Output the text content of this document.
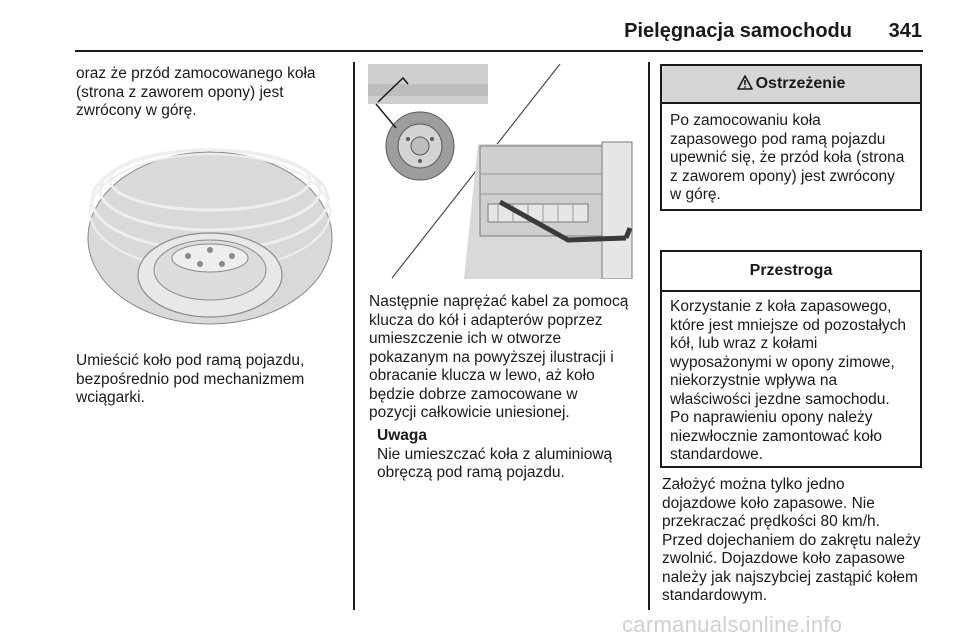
Pielęgnacja samochodu	341
oraz że przód zamocowanego koła
(strona z zaworem opony) jest
zwrócony w górę.
Umieścić koło pod ramą pojazdu,
bezpośrednio pod mechanizmem
wciągarki.
Następnie naprężać kabel za pomocą
klucza do kół i adapterów poprzez
umieszczenie ich w otworze
pokazanym na powyższej ilustracji i
obracanie klucza w lewo, aż koło
będzie dobrze zamocowane w
pozycji całkowicie uniesionej.
Uwaga
Nie umieszczać koła z aluminiową
obręczą pod ramą pojazdu.
Ostrzeżenie
Po zamocowaniu koła
zapasowego pod ramą pojazdu
upewnić się, że przód koła (strona
z zaworem opony) jest zwrócony
w górę.
Przestroga
Korzystanie z koła zapasowego,
które jest mniejsze od pozostałych
kół, lub wraz z kołami
wyposażonymi w opony zimowe,
niekorzystnie wpływa na
właściwości jezdne samochodu.
Po naprawieniu opony należy
niezwłocznie zamontować koło
standardowe.
Założyć można tylko jedno
dojazdowe koło zapasowe. Nie
przekraczać prędkości 80 km/h.
Przed dojechaniem do zakrętu należy
zwolnić. Dojazdowe koło zapasowe
należy jak najszybciej zastąpić kołem
standardowym.
carmanualsonline.info
